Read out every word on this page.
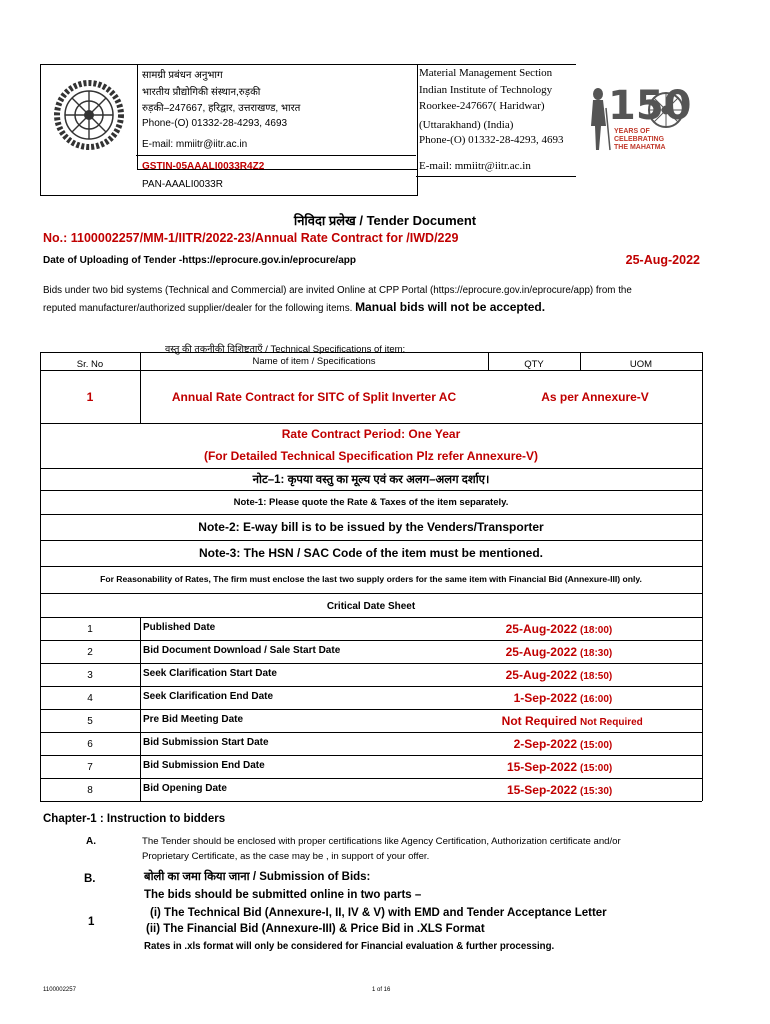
सामग्री प्रबंधन अनुभाग
भारतीय प्रौद्योगिकी संस्थान,रुड़की
रुड़की–247667, हरिद्वार, उत्तराखण्ड, भारत
Phone-(O) 01332-28-4293, 4693
E-mail: mmiitr@iitr.ac.in
GSTIN-05AAALI0033R4Z2
PAN-AAALI0033R
Material Management Section
Indian Institute of Technology
Roorkee-247667( Haridwar)
(Uttarakhand) (India)
Phone-(O) 01332-28-4293, 4693
E-mail: mmiitr@iitr.ac.in
150
YEARS OF
CELEBRATING
THE MAHATMA
निविदा प्रलेख / Tender Document
No.: 1100002257/MM-1/IITR/2022-23/Annual Rate Contract for /IWD/229
Date of Uploading of Tender -https://eprocure.gov.in/eprocure/app	25-Aug-2022
Bids under two bid systems (Technical and Commercial) are invited Online at CPP Portal (https://eprocure.gov.in/eprocure/app) from the
reputed manufacturer/authorized supplier/dealer for the following items. Manual bids will not be accepted.
वस्तु की तकनीकी विशिष्टताएँ / Technical Specifications of item:
Sr. No	Name of item / Specifications	QTY	UOM
1	Annual Rate Contract for SITC of Split Inverter AC	As per Annexure-V
Rate Contract Period: One Year
(For Detailed Technical Specification Plz refer Annexure-V)
नोट–1: कृपया वस्तु का मूल्य एवं कर अलग–अलग दर्शाए।
Note-1: Please quote the Rate & Taxes of the item separately.
Note-2: E-way bill is to be issued by the Venders/Transporter
Note-3: The HSN / SAC Code of the item must be mentioned.
For Reasonability of Rates, The firm must enclose the last two supply orders for the same item with Financial Bid (Annexure-III) only.
Critical Date Sheet
1	Published Date	25-Aug-2022 (18:00)
2	Bid Document Download / Sale Start Date	25-Aug-2022 (18:30)
3	Seek Clarification Start Date	25-Aug-2022 (18:50)
4	Seek Clarification End Date	1-Sep-2022 (16:00)
5	Pre Bid Meeting Date	Not Required Not Required
6	Bid Submission Start Date	2-Sep-2022 (15:00)
7	Bid Submission End Date	15-Sep-2022 (15:00)
8	Bid Opening Date	15-Sep-2022 (15:30)
Chapter-1 : Instruction to bidders
A.	The Tender should be enclosed with proper certifications like Agency Certification, Authorization certificate and/or
Proprietary Certificate, as the case may be , in support of your offer.
B.	बोली का जमा किया जाना / Submission of Bids:
1
The bids should be submitted online in two parts –
(i) The Technical Bid (Annexure-I, II, IV & V) with EMD and Tender Acceptance Letter
(ii) The Financial Bid (Annexure-III) & Price Bid in .XLS Format
Rates in .xls format will only be considered for Financial evaluation & further processing.
1100002257	1 of 16
